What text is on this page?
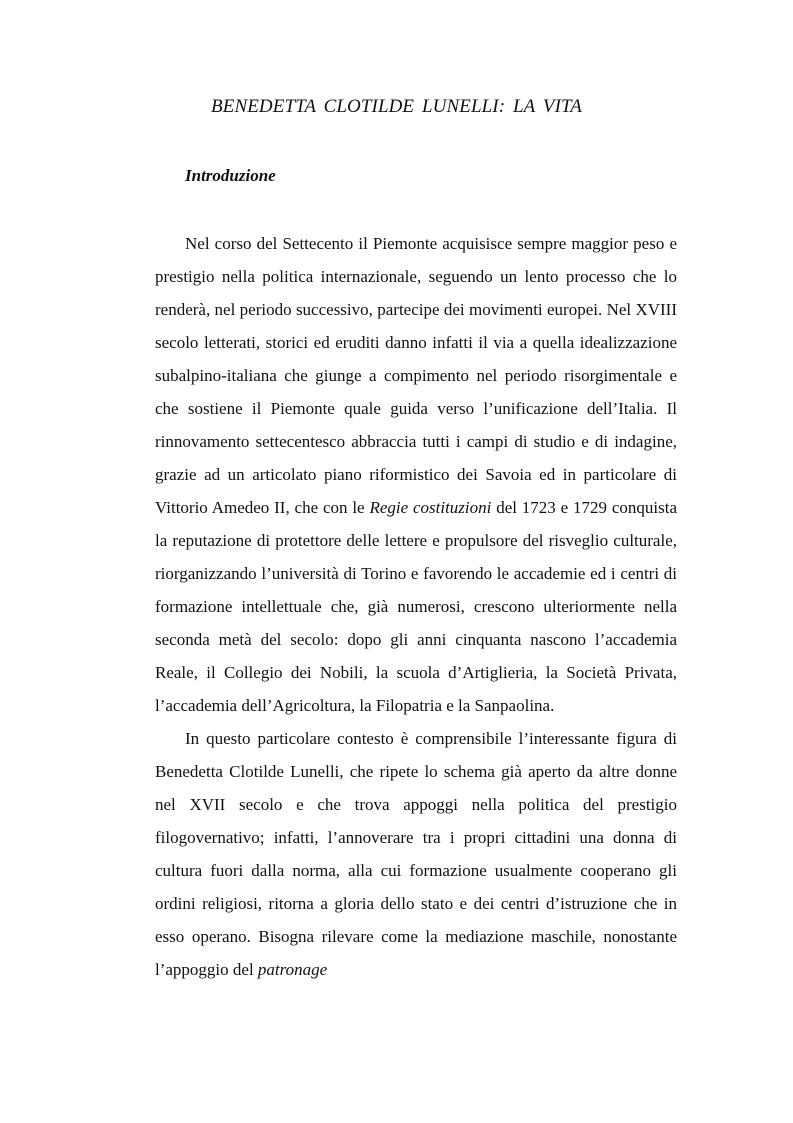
BENEDETTA CLOTILDE LUNELLI: LA VITA
Introduzione

Nel corso del Settecento il Piemonte acquisisce sempre maggior peso e prestigio nella politica internazionale, seguendo un lento processo che lo renderà, nel periodo successivo, partecipe dei movimenti europei. Nel XVIII secolo letterati, storici ed eruditi danno infatti il via a quella idealizzazione subalpino-italiana che giunge a compimento nel periodo risorgimentale e che sostiene il Piemonte quale guida verso l’unificazione dell’Italia. Il rinnovamento settecentesco abbraccia tutti i campi di studio e di indagine, grazie ad un articolato piano riformistico dei Savoia ed in particolare di Vittorio Amedeo II, che con le Regie costituzioni del 1723 e 1729 conquista la reputazione di protettore delle lettere e propulsore del risveglio culturale, riorganizzando l’università di Torino e favorendo le accademie ed i centri di formazione intellettuale che, già numerosi, crescono ulteriormente nella seconda metà del secolo: dopo gli anni cinquanta nascono l’accademia Reale, il Collegio dei Nobili, la scuola d’Artiglieria, la Società Privata, l’accademia dell’Agricoltura, la Filopatria e la Sanpaolina.

In questo particolare contesto è comprensibile l’interessante figura di Benedetta Clotilde Lunelli, che ripete lo schema già aperto da altre donne nel XVII secolo e che trova appoggi nella politica del prestigio filogovernativo; infatti, l’annoverare tra i propri cittadini una donna di cultura fuori dalla norma, alla cui formazione usualmente cooperano gli ordini religiosi, ritorna a gloria dello stato e dei centri d’istruzione che in esso operano. Bisogna rilevare come la mediazione maschile, nonostante l’appoggio del patronage
